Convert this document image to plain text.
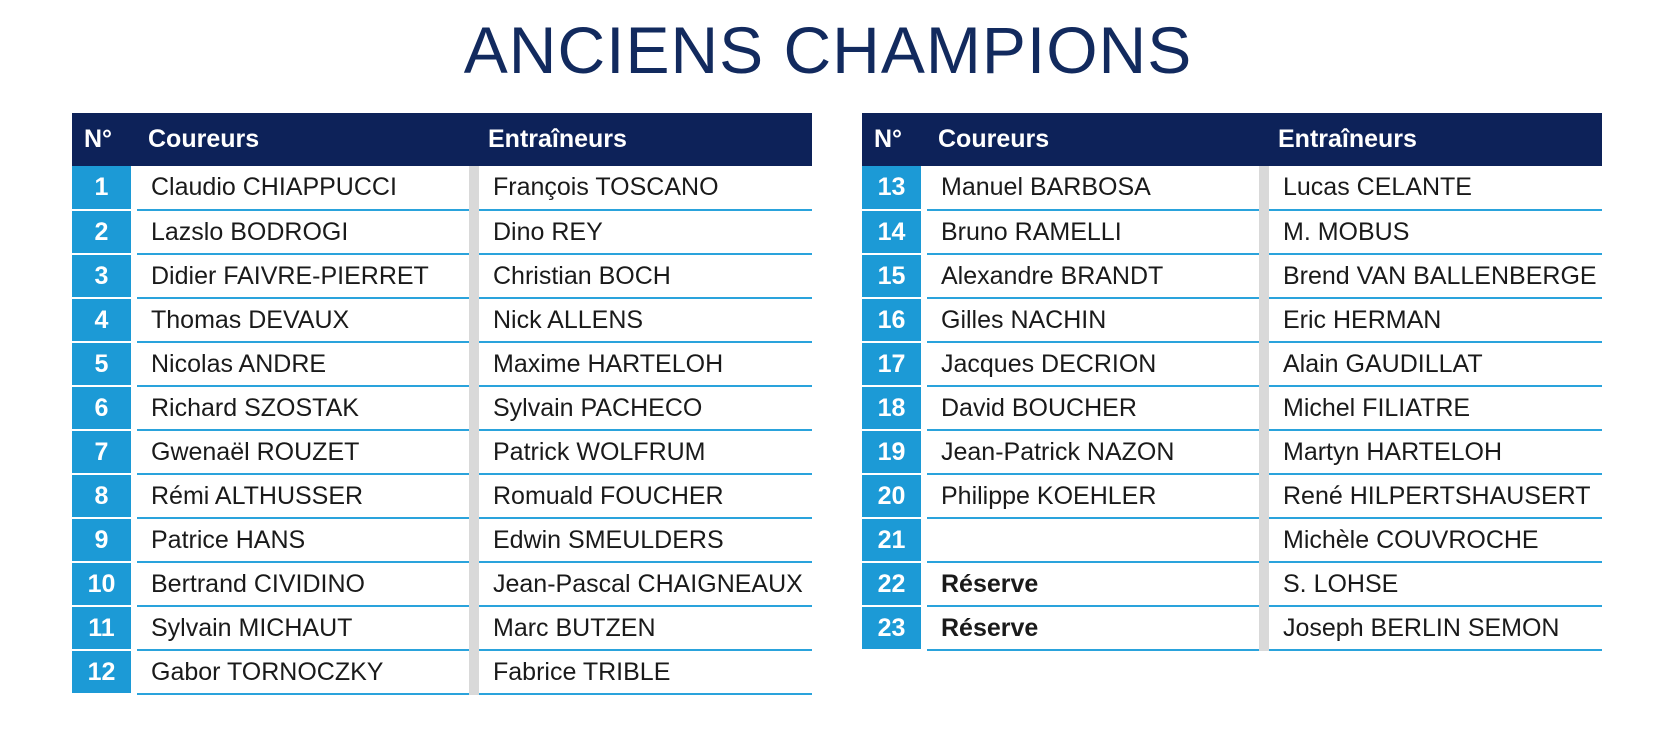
ANCIENS CHAMPIONS
N°	Coureurs	Entraîneurs
1	Claudio CHIAPPUCCI	François TOSCANO
2	Lazslo BODROGI	Dino REY
3	Didier FAIVRE-PIERRET	Christian BOCH
4	Thomas DEVAUX	Nick ALLENS
5	Nicolas ANDRE	Maxime HARTELOH
6	Richard SZOSTAK	Sylvain PACHECO
7	Gwenaël ROUZET	Patrick WOLFRUM
8	Rémi ALTHUSSER	Romuald FOUCHER
9	Patrice HANS	Edwin SMEULDERS
10	Bertrand CIVIDINO	Jean-Pascal CHAIGNEAUX
11	Sylvain MICHAUT	Marc BUTZEN
12	Gabor TORNOCZKY	Fabrice TRIBLE
N°	Coureurs	Entraîneurs
13	Manuel BARBOSA	Lucas CELANTE
14	Bruno RAMELLI	M. MOBUS
15	Alexandre BRANDT	Brend VAN BALLENBERGE
16	Gilles NACHIN	Eric HERMAN
17	Jacques DECRION	Alain GAUDILLAT
18	David BOUCHER	Michel FILIATRE
19	Jean-Patrick NAZON	Martyn HARTELOH
20	Philippe KOEHLER	René HILPERTSHAUSERT
21		Michèle COUVROCHE
22	Réserve	S. LOHSE
23	Réserve	Joseph BERLIN SEMON
